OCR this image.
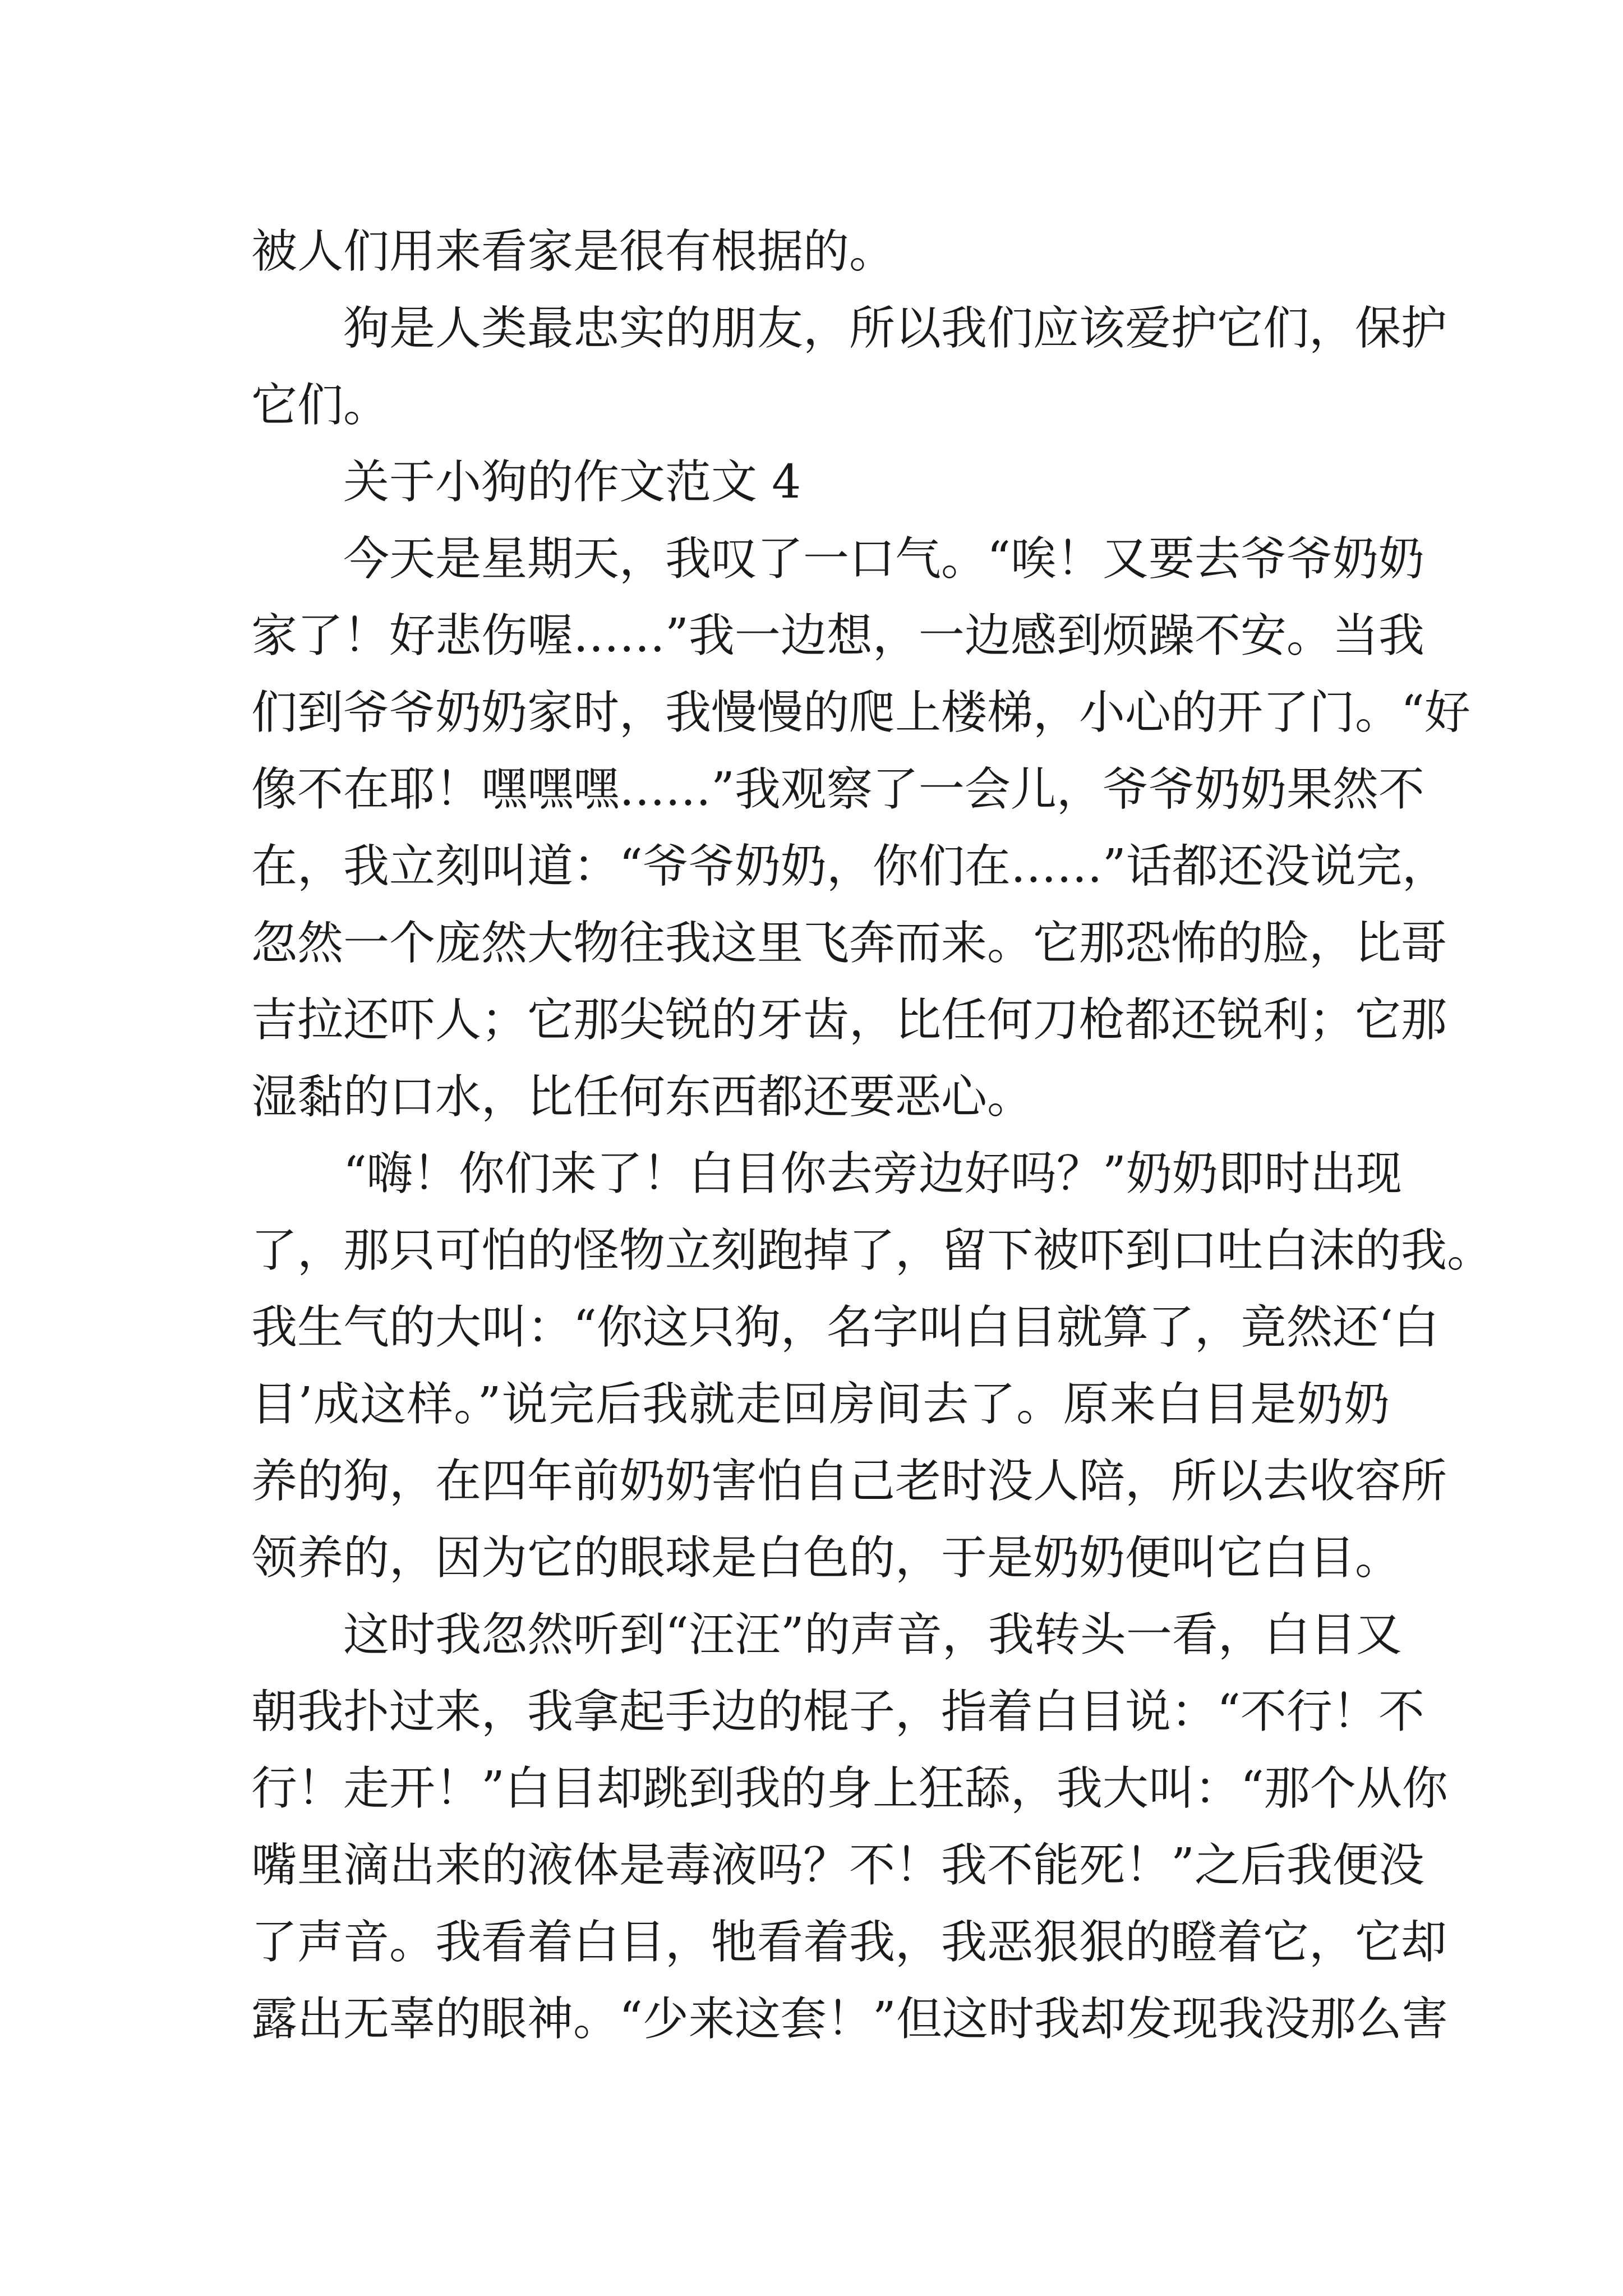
被人们用来看家是很有根据的。
狗是人类最忠实的朋友，所以我们应该爱护它们，保护
它们。
关于小狗的作文范文 4
今天是星期天，我叹了一口气。“唉！又要去爷爷奶奶
家了！好悲伤喔……”我一边想，一边感到烦躁不安。当我
们到爷爷奶奶家时，我慢慢的爬上楼梯，小心的开了门。“好
像不在耶！嘿嘿嘿……”我观察了一会儿，爷爷奶奶果然不
在，我立刻叫道：“爷爷奶奶，你们在……”话都还没说完，
忽然一个庞然大物往我这里飞奔而来。它那恐怖的脸，比哥
吉拉还吓人；它那尖锐的牙齿，比任何刀枪都还锐利；它那
湿黏的口水，比任何东西都还要恶心。
“嗨！你们来了！白目你去旁边好吗？”奶奶即时出现
了，那只可怕的怪物立刻跑掉了，留下被吓到口吐白沫的我。
我生气的大叫：“你这只狗，名字叫白目就算了，竟然还‘白
目’成这样。”说完后我就走回房间去了。原来白目是奶奶
养的狗，在四年前奶奶害怕自己老时没人陪，所以去收容所
领养的，因为它的眼球是白色的，于是奶奶便叫它白目。
这时我忽然听到“汪汪”的声音，我转头一看，白目又
朝我扑过来，我拿起手边的棍子，指着白目说：“不行！不
行！走开！”白目却跳到我的身上狂舔，我大叫：“那个从你
嘴里滴出来的液体是毒液吗？不！我不能死！”之后我便没
了声音。我看着白目，牠看着我，我恶狠狠的瞪着它，它却
露出无辜的眼神。“少来这套！”但这时我却发现我没那么害
